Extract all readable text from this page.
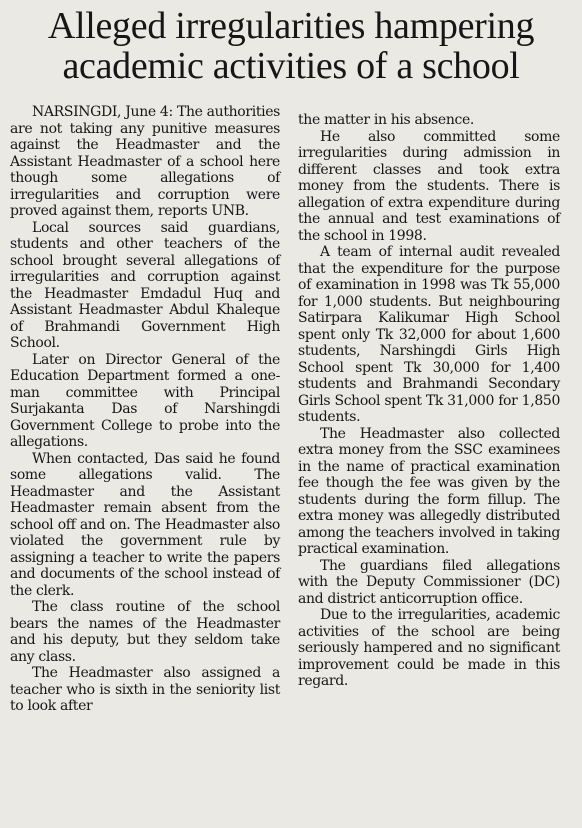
Alleged irregularities hampering academic activities of a school

NARSINGDI, June 4: The authorities are not taking any punitive measures against the Headmaster and the Assistant Headmaster of a school here though some allegations of irregularities and corruption were proved against them, reports UNB.

Local sources said guardians, students and other teachers of the school brought several allegations of irregularities and corruption against the Headmaster Emdadul Huq and Assistant Headmaster Abdul Khaleque of Brahmandi Government High School.

Later on Director General of the Education Department formed a one-man committee with Principal Surjakanta Das of Narshingdi Government College to probe into the allegations.

When contacted, Das said he found some allegations valid. The Headmaster and the Assistant Headmaster remain absent from the school off and on. The Headmaster also violated the government rule by assigning a teacher to write the papers and documents of the school instead of the clerk.

The class routine of the school bears the names of the Headmaster and his deputy, but they seldom take any class.

The Headmaster also assigned a teacher who is sixth in the seniority list to look after

the matter in his absence.

He also committed some irregularities during admission in different classes and took extra money from the students. There is allegation of extra expenditure during the annual and test examinations of the school in 1998.

A team of internal audit revealed that the expenditure for the purpose of examination in 1998 was Tk 55,000 for 1,000 students. But neighbouring Satirpara Kalikumar High School spent only Tk 32,000 for about 1,600 students, Narshingdi Girls High School spent Tk 30,000 for 1,400 students and Brahmandi Secondary Girls School spent Tk 31,000 for 1,850 students.

The Headmaster also collected extra money from the SSC examinees in the name of practical examination fee though the fee was given by the students during the form fillup. The extra money was allegedly distributed among the teachers involved in taking practical examination.

The guardians filed allegations with the Deputy Commissioner (DC) and district anticorruption office.

Due to the irregularities, academic activities of the school are being seriously hampered and no significant improvement could be made in this regard.
